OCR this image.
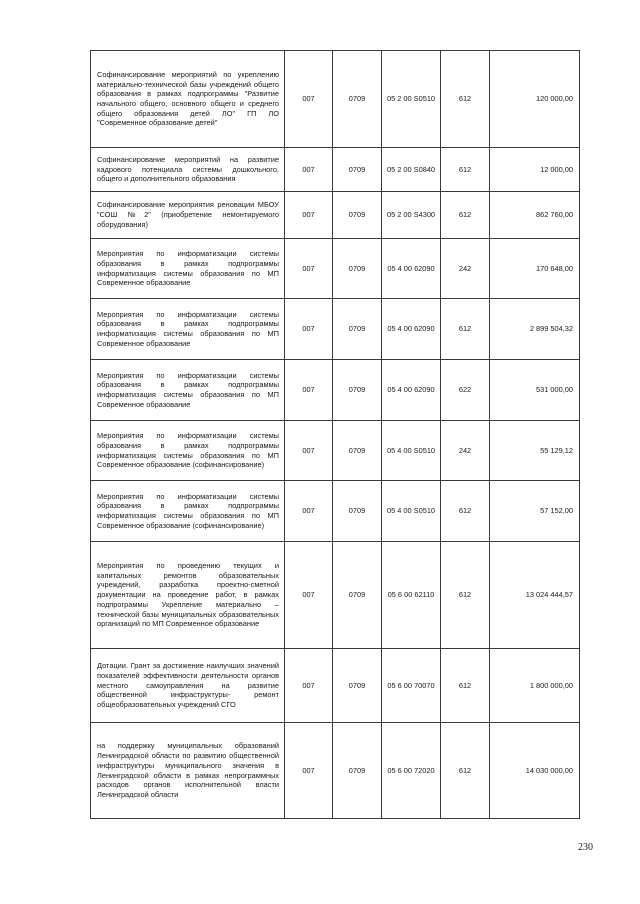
Софинансирование мероприятий по укреплению материально-технической базы учреждений общего образования в рамках подпрограммы "Развитие начального общего, основного общего и среднего общего образования детей ЛО" ГП ЛО "Современное образование детей"	007	0709	05 2 00 S0510	612	120 000,00
Софинансирование мероприятий на развитие кадрового потенциала системы дошкольного, общего и дополнительного образования	007	0709	05 2 00 S0840	612	12 000,00
Софинансирование мероприятия реновации МБОУ "СОШ №2" (приобретение немонтируемого оборудования)	007	0709	05 2 00 S4300	612	862 760,00
Мероприятия по информатизации системы образования в рамках подпрограммы информатизация системы образования по МП Современное образование	007	0709	05 4 00 62090	242	170 648,00
Мероприятия по информатизации системы образования в рамках подпрограммы информатизация системы образования по МП Современное образование	007	0709	05 4 00 62090	612	2 899 504,32
Мероприятия по информатизации системы образования в рамках подпрограммы информатизация системы образования по МП Современное образование	007	0709	05 4 00 62090	622	531 000,00
Мероприятия по информатизации системы образования в рамках подпрограммы информатизация системы образования по МП Современное образование (софинансирование)	007	0709	05 4 00 S0510	242	55 129,12
Мероприятия по информатизации системы образования в рамках подпрограммы информатизация системы образования по МП Современное образование (софинансирование)	007	0709	05 4 00 S0510	612	57 152,00
Мероприятия по проведению текущих и капитальных ремонтов образовательных учреждений, разработка проектно-сметной документации на проведение работ, в рамках подпрограммы Укрепление материально – технической базы муниципальных образовательных организаций по МП Современное образование	007	0709	05 6 00 62110	612	13 024 444,57
Дотации. Грант за достижение наилучших значений показателей эффективности деятельности органов местного самоуправления на развитие общественной инфраструктуры- ремонт общеобразовательных учреждений СГО	007	0709	05 6 00 70070	612	1 800 000,00
на поддержку муниципальных образований Ленинградской области по развитию общественной инфраструктуры муниципального значения в Ленинградской области в рамках непрограммных расходов органов исполнительной власти Ленинградской области	007	0709	05 6 00 72020	612	14 030 000,00
230
